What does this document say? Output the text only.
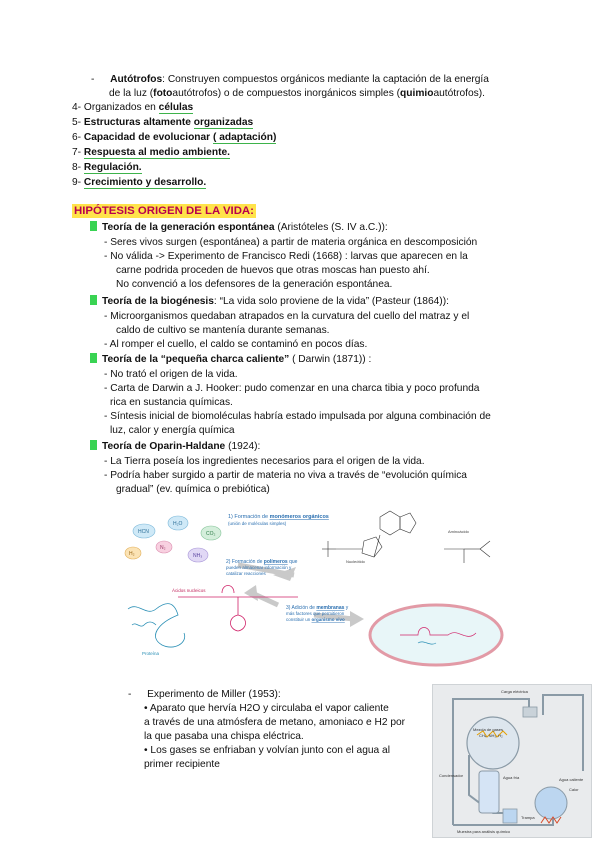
- Autótrofos: Construyen compuestos orgánicos mediante la captación de la energía
de la luz (fotoautótrofos) o de compuestos inorgánicos simples (quimioautótrofos).
4- Organizados en células
5- Estructuras altamente organizadas
6- Capacidad de evolucionar ( adaptación)
7- Respuesta al medio ambiente.
8- Regulación.
9- Crecimiento y desarrollo.
HIPÓTESIS ORIGEN DE LA VIDA:
Teoría de la generación espontánea (Aristóteles (S. IV a.C.)):
- Seres vivos surgen (espontánea) a partir de materia orgánica en descomposición
- No válida -> Experimento de Francisco Redi (1668) : larvas que aparecen en la
carne podrida proceden de huevos que otras moscas han puesto ahí.
No convenció a los defensores de la generación espontánea.
Teoría de la biogénesis: “La vida solo proviene de la vida” (Pasteur (1864)):
- Microorganismos quedaban atrapados en la curvatura del cuello del matraz y el
caldo de cultivo se mantenía durante semanas.
- Al romper el cuello, el caldo se contaminó en pocos días.
Teoría de la “pequeña charca caliente” ( Darwin (1871)) :
- No trató el origen de la vida.
- Carta de Darwin a J. Hooker: pudo comenzar en una charca tibia y poco profunda
rica en sustancia químicas.
- Síntesis inicial de biomoléculas habría estado impulsada por alguna combinación de
luz, calor y energía química
Teoría de Oparin-Haldane (1924):
- La Tierra poseía los ingredientes necesarios para el origen de la vida.
- Podría haber surgido a partir de materia no viva a través de “evolución química
gradual” (ev. química o prebiótica)
HCN
H₂O
CO₂
H₂
N₂
NH₃
1) Formación de monómeros orgánicos
(unión de moléculas simples)
Nucleótido
Aminoácido
2) Formación de polímeros que
pueden almacenar información y
catalizar reacciones
Ácidos nucleicos
Proteína
3) Adición de membranas y
más factores que permitieron
constituir un organismo vivo
- Experimento de Miller (1953):
• Aparato que hervía H2O y circulaba el vapor caliente
a través de una atmósfera de metano, amoniaco e H2 por
la que pasaba una chispa eléctrica.
• Los gases se enfriaban y volvían junto con el agua al
primer recipiente
Carga eléctrica
Mezcla de gases
CH₄, NH₃, H₂
Condensador	Agua fría
Calor
Agua caliente
Trampa
Muestra para análisis químico
